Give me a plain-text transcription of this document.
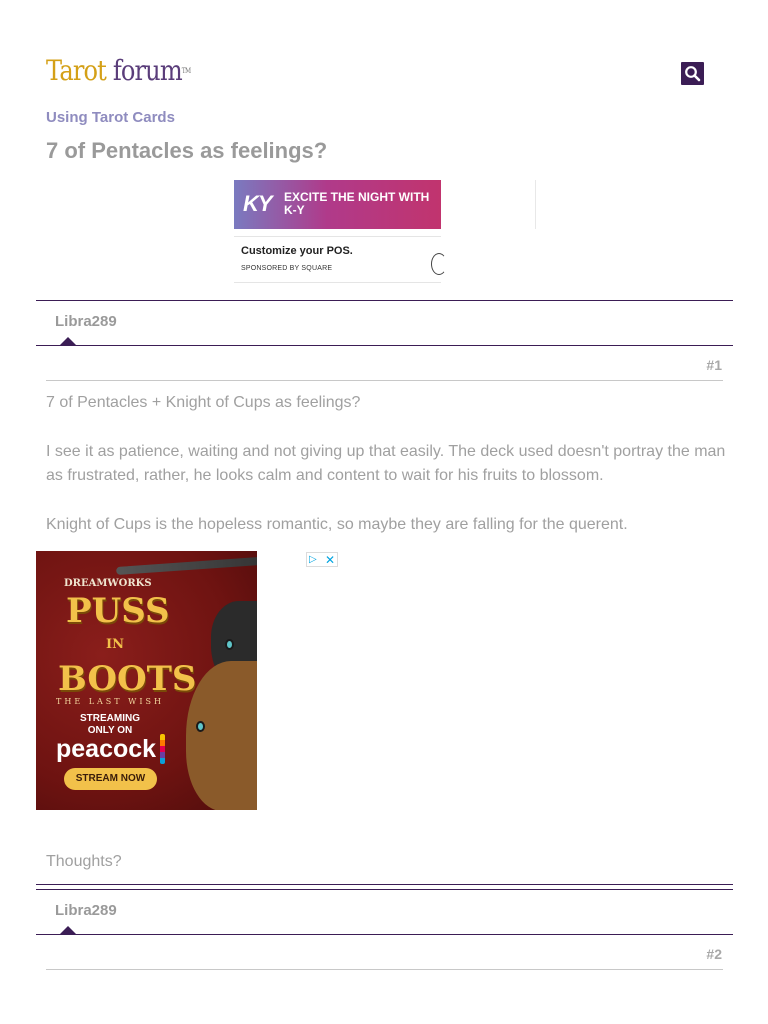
Tarot forumTM
Using Tarot Cards
7 of Pentacles as feelings?
KY EXCITE THE NIGHT WITH K-Y
Customize your POS.
SPONSORED BY SQUARE
Libra289
#1

7 of Pentacles + Knight of Cups as feelings?

I see it as patience, waiting and not giving up that easily. The deck used doesn't portray the man as frustrated, rather, he looks calm and content to wait for his fruits to blossom.

Knight of Cups is the hopeless romantic, so maybe they are falling for the querent.

DREAMWORKS
PUSS
IN
BOOTS
THE LAST WISH
STREAMING ONLY ON
peacock
STREAM NOW
▷ ✕

Thoughts?

Libra289
#2
